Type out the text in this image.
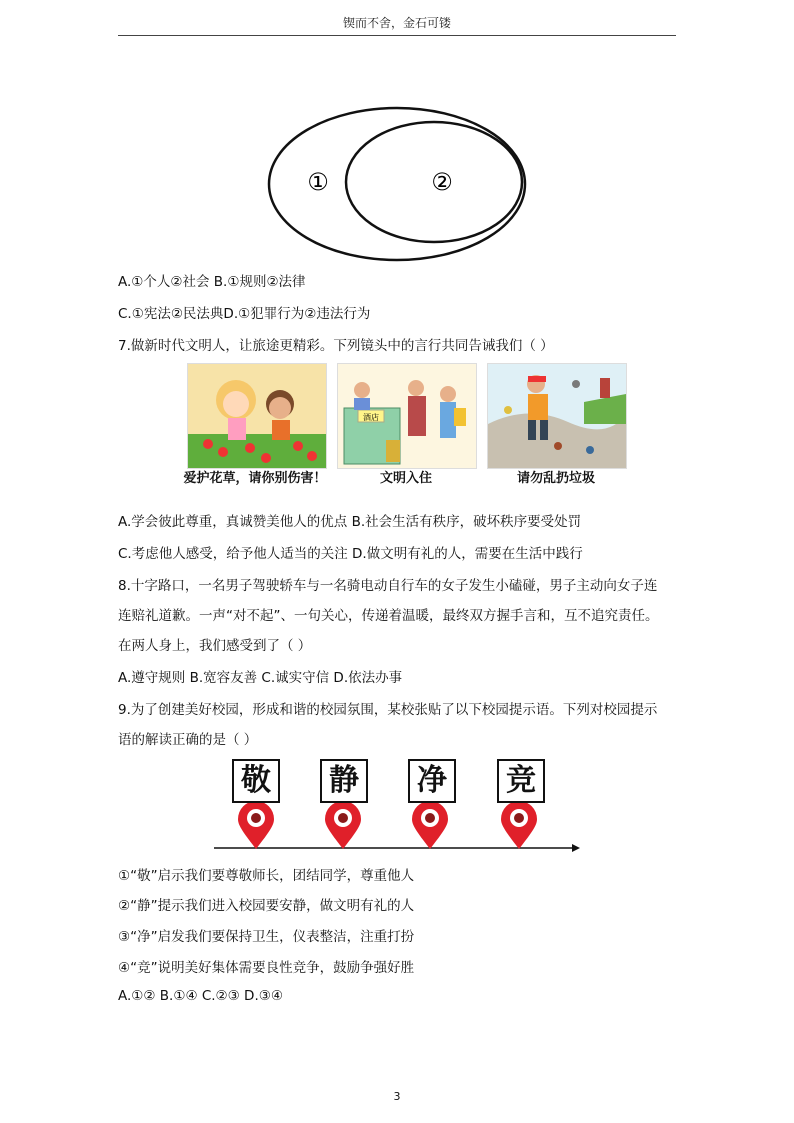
锲而不舍，金石可镂
①	②
A.①个人②社会 B.①规则②法律
C.①宪法②民法典D.①犯罪行为②违法行为
7.做新时代文明人，让旅途更精彩。下列镜头中的言行共同告诫我们（ ）
酒店
爱护花草，请你别伤害！	文明入住	请勿乱扔垃圾
A.学会彼此尊重，真诚赞美他人的优点 B.社会生活有秩序，破坏秩序要受处罚
C.考虑他人感受，给予他人适当的关注 D.做文明有礼的人，需要在生活中践行
8.十字路口，一名男子驾驶轿车与一名骑电动自行车的女子发生小磕碰，男子主动向女子连
连赔礼道歉。一声“对不起”、一句关心，传递着温暖，最终双方握手言和，互不追究责任。
在两人身上，我们感受到了（ ）
A.遵守规则 B.宽容友善 C.诚实守信 D.依法办事
9.为了创建美好校园，形成和谐的校园氛围，某校张贴了以下校园提示语。下列对校园提示
语的解读正确的是（ ）
敬	静	净	竞
①“敬”启示我们要尊敬师长，团结同学，尊重他人
②“静”提示我们进入校园要安静，做文明有礼的人
③“净”启发我们要保持卫生，仪表整洁，注重打扮
④“竞”说明美好集体需要良性竞争，鼓励争强好胜
A.①② B.①④ C.②③ D.③④
3
